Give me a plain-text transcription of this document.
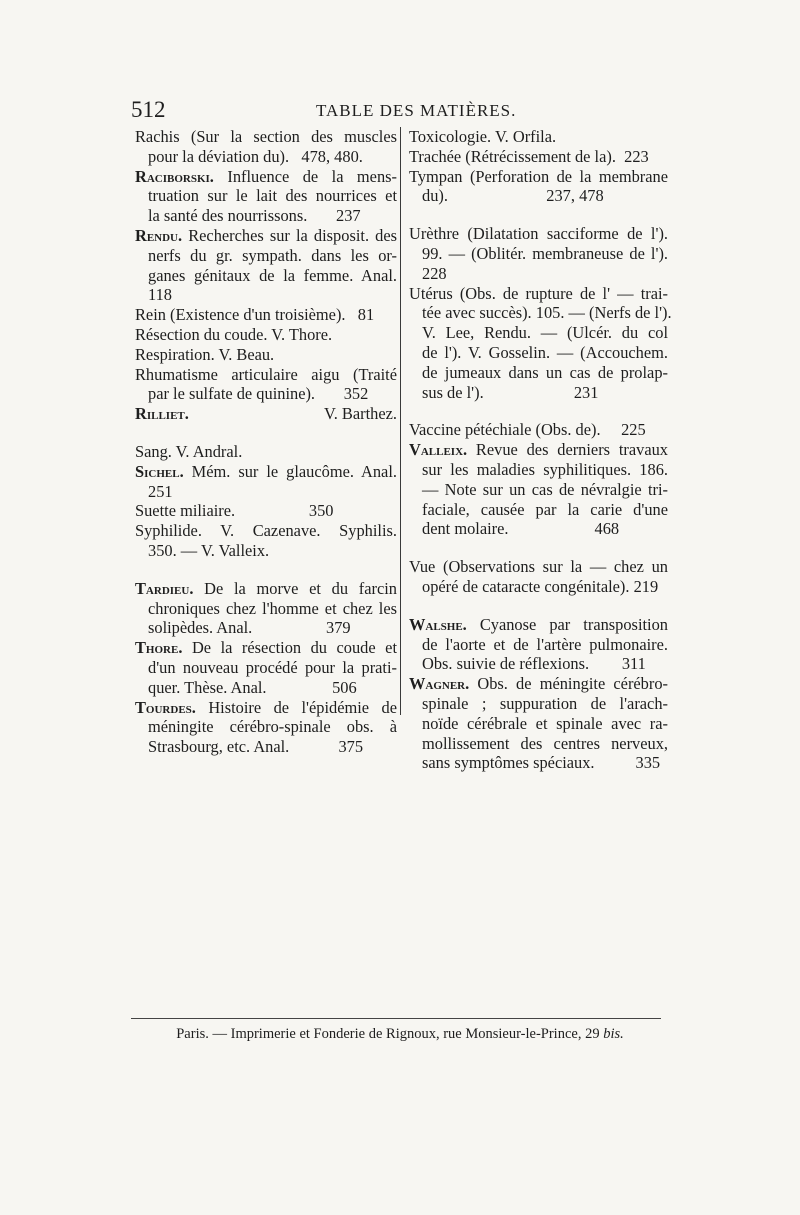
512	TABLE DES MATIÈRES.
Rachis (Sur la section des muscles
pour la déviation du).   478, 480.
Raciborski. Influence de la mens-
truation sur le lait des nourrices et
la santé des nourrissons.       237
Rendu. Recherches sur la disposit. des
nerfs du gr. sympath. dans les or-
ganes génitaux de la femme. Anal.
118
Rein (Existence d'un troisième).   81
Résection du coude. V. Thore.
Respiration. V. Beau.
Rhumatisme articulaire aigu (Traité
par le sulfate de quinine).       352
Rilliet.	V. Barthez.
Sang. V. Andral.
Sichel. Mém. sur le glaucôme. Anal.
251
Suette miliaire.                  350
Syphilide. V. Cazenave. Syphilis.
350. — V. Valleix.
Tardieu. De la morve et du farcin
chroniques chez l'homme et chez les
solipèdes. Anal.                  379
Thore. De la résection du coude et
d'un nouveau procédé pour la prati-
quer. Thèse. Anal.                506
Tourdes. Histoire de l'épidémie de
méningite cérébro-spinale obs. à
Strasbourg, etc. Anal.            375
Toxicologie. V. Orfila.
Trachée (Rétrécissement de la).  223
Tympan (Perforation de la membrane
du).                        237, 478
Urèthre (Dilatation sacciforme de l').
99. — (Oblitér. membraneuse de l').
228
Utérus (Obs. de rupture de l' — trai-
tée avec succès). 105. — (Nerfs de l').
V. Lee, Rendu. — (Ulcér. du col
de l'). V. Gosselin. — (Accouchem.
de jumeaux dans un cas de prolap-
sus de l').                      231
Vaccine pétéchiale (Obs. de).     225
Valleix. Revue des derniers travaux
sur les maladies syphilitiques. 186.
— Note sur un cas de névralgie tri-
faciale, causée par la carie d'une
dent molaire.                     468
Vue (Observations sur la — chez un
opéré de cataracte congénitale). 219
Walshe. Cyanose par transposition
de l'aorte et de l'artère pulmonaire.
Obs. suivie de réflexions.        311
Wagner. Obs. de méningite cérébro-
spinale ; suppuration de l'arach-
noïde cérébrale et spinale avec ra-
mollissement des centres nerveux,
sans symptômes spéciaux.          335
Paris. — Imprimerie et Fonderie de Rignoux, rue Monsieur-le-Prince, 29 bis.
